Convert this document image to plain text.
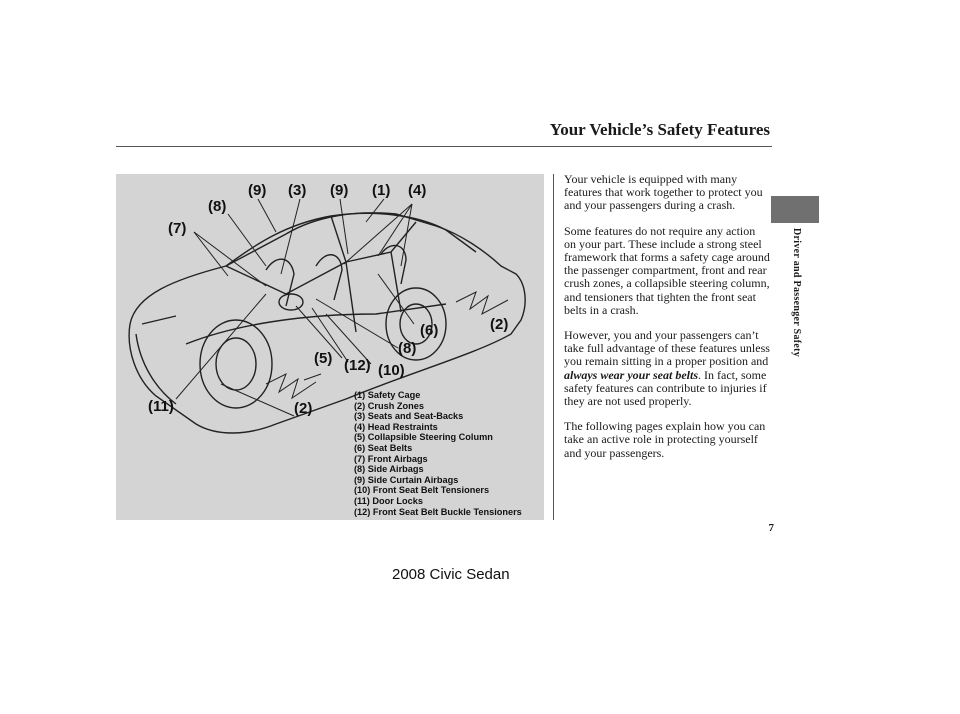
Your Vehicle’s Safety Features
(9) (3) (9) (1) (4)
(8)
(7)
(2)
(6)
(8)
(5) (12) (10)
(11)	(2)
(1) Safety Cage
(2) Crush Zones
(3) Seats and Seat-Backs
(4) Head Restraints
(5) Collapsible Steering Column
(6) Seat Belts
(7) Front Airbags
(8) Side Airbags
(9) Side Curtain Airbags
(10) Front Seat Belt Tensioners
(11) Door Locks
(12) Front Seat Belt Buckle Tensioners

Your vehicle is equipped with many features that work together to protect you and your passengers during a crash.

Some features do not require any action on your part. These include a strong steel framework that forms a safety cage around the passenger compartment, front and rear crush zones, a collapsible steering column, and tensioners that tighten the front seat belts in a crash.

However, you and your passengers can’t take full advantage of these features unless you remain sitting in a proper position and always wear your seat belts. In fact, some safety features can contribute to injuries if they are not used properly.

The following pages explain how you can take an active role in protecting yourself and your passengers.

Driver and Passenger Safety
7
2008 Civic Sedan
